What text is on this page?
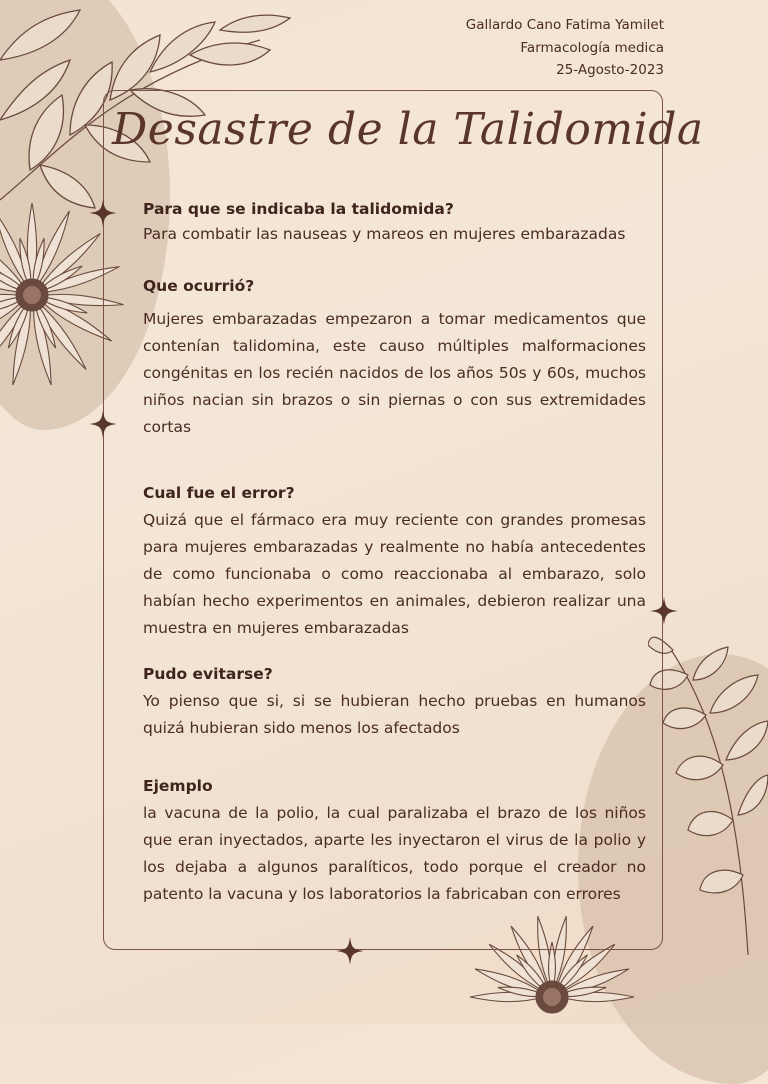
Gallardo Cano Fatima Yamilet
Farmacología medica
25-Agosto-2023
Desastre de la Talidomida

Para que se indicaba la talidomida?

Para combatir las nauseas y mareos en mujeres embarazadas

Que ocurrió?

Mujeres embarazadas empezaron a tomar medicamentos que contenían talidomina, este causo múltiples malformaciones congénitas en los recién nacidos de los años 50s y 60s, muchos niños nacian sin brazos o sin piernas o con sus extremidades cortas

Cual fue el error?

Quizá que el fármaco era muy reciente con grandes promesas para mujeres embarazadas y realmente no había antecedentes de como funcionaba o como reaccionaba al embarazo, solo habían hecho experimentos en animales, debieron realizar una muestra en mujeres embarazadas

Pudo evitarse?

Yo pienso que si, si se hubieran hecho pruebas en humanos quizá hubieran sido menos los afectados

Ejemplo

la vacuna de la polio, la cual paralizaba el brazo de los niños que eran inyectados, aparte les inyectaron el virus de la polio y los dejaba a algunos paralíticos, todo porque el creador no patento la vacuna y los laboratorios la fabricaban con errores
